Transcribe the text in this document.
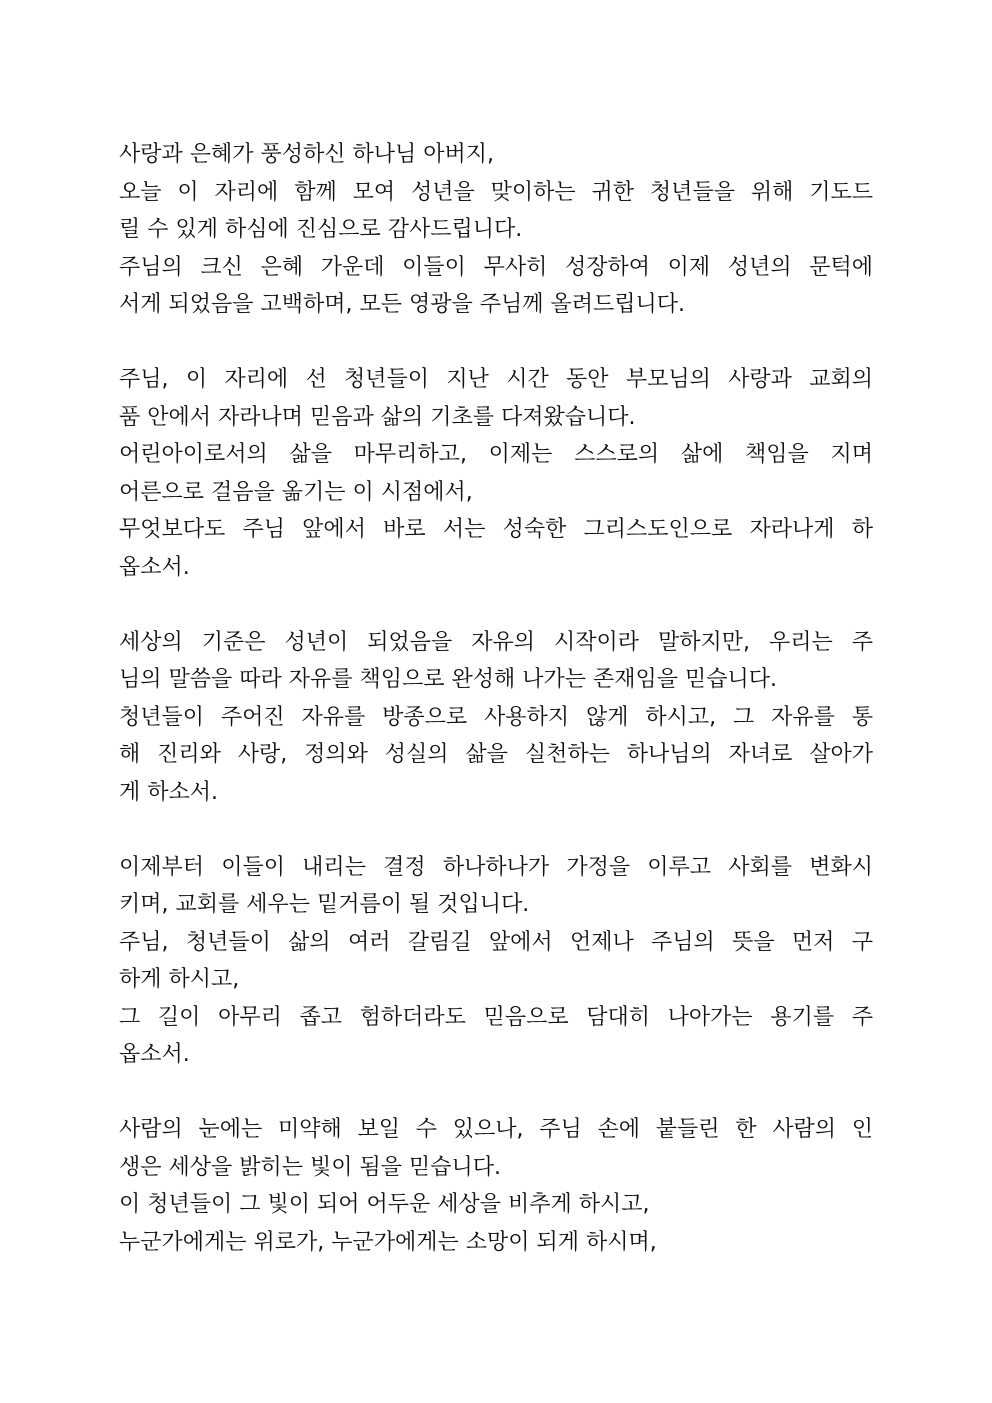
사랑과 은혜가 풍성하신 하나님 아버지,
오늘 이 자리에 함께 모여 성년을 맞이하는 귀한 청년들을 위해 기도드
릴 수 있게 하심에 진심으로 감사드립니다.
주님의 크신 은혜 가운데 이들이 무사히 성장하여 이제 성년의 문턱에
서게 되었음을 고백하며, 모든 영광을 주님께 올려드립니다.
주님, 이 자리에 선 청년들이 지난 시간 동안 부모님의 사랑과 교회의
품 안에서 자라나며 믿음과 삶의 기초를 다져왔습니다.
어린아이로서의 삶을 마무리하고, 이제는 스스로의 삶에 책임을 지며
어른으로 걸음을 옮기는 이 시점에서,
무엇보다도 주님 앞에서 바로 서는 성숙한 그리스도인으로 자라나게 하
옵소서.
세상의 기준은 성년이 되었음을 자유의 시작이라 말하지만, 우리는 주
님의 말씀을 따라 자유를 책임으로 완성해 나가는 존재임을 믿습니다.
청년들이 주어진 자유를 방종으로 사용하지 않게 하시고, 그 자유를 통
해 진리와 사랑, 정의와 성실의 삶을 실천하는 하나님의 자녀로 살아가
게 하소서.
이제부터 이들이 내리는 결정 하나하나가 가정을 이루고 사회를 변화시
키며, 교회를 세우는 밑거름이 될 것입니다.
주님, 청년들이 삶의 여러 갈림길 앞에서 언제나 주님의 뜻을 먼저 구
하게 하시고,
그 길이 아무리 좁고 험하더라도 믿음으로 담대히 나아가는 용기를 주
옵소서.
사람의 눈에는 미약해 보일 수 있으나, 주님 손에 붙들린 한 사람의 인
생은 세상을 밝히는 빛이 됨을 믿습니다.
이 청년들이 그 빛이 되어 어두운 세상을 비추게 하시고,
누군가에게는 위로가, 누군가에게는 소망이 되게 하시며,
